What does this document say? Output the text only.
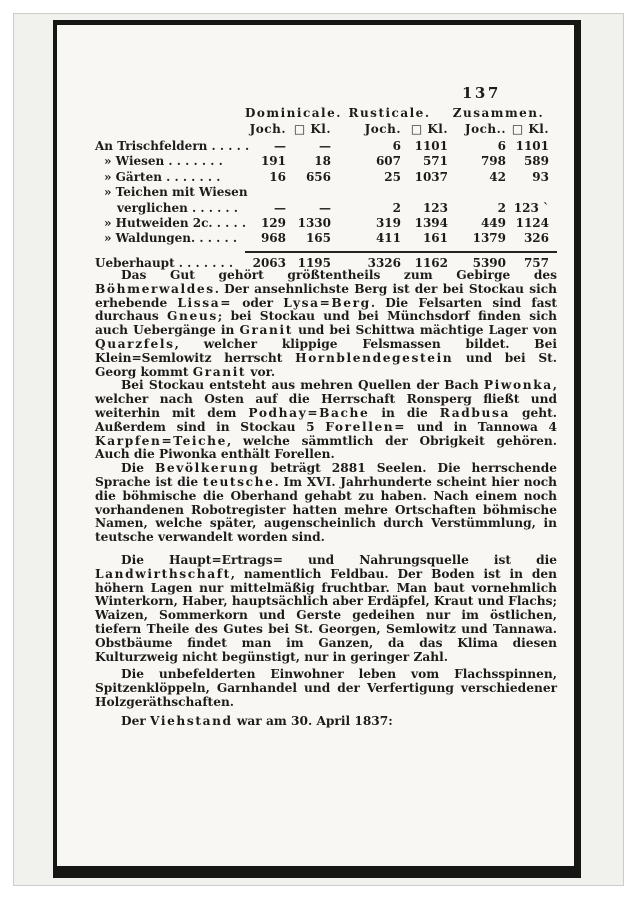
137
Dominicale. Rusticale.	Zusammen.
Joch. □ Kl.	Joch. □ Kl.	Joch.. □ Kl.
An Trischfeldern . . . . .	—	—	6	1101	6 1101
» Wiesen . . . . . . .	191	18	607	571	798	589
» Gärten . . . . . . .	16	656	25	1037	42	93
» Teichen mit Wiesen
verglichen . . . . . .	—	—	2	123	2 123 `
» Hutweiden 2c. . . . .	129 1330	319	1394	449 1124
» Waldungen. . . . . .	968	165	411	161	1379	326
Ueberhaupt . . . . . . .	2063 1195	3326	1162	5390	757

Das Gut gehört größtentheils zum Gebirge des Böhmerwaldes. Der ansehnlichste Berg ist der bei Stockau sich erhebende Lissa= oder Lysa=Berg. Die Felsarten sind fast durchaus Gneus; bei Stockau und bei Münchsdorf finden sich auch Uebergänge in Granit und bei Schittwa mächtige Lager von Quarzfels, welcher klippige Felsmassen bildet. Bei Klein=Semlowitz herrscht Hornblendegestein und bei St. Georg kommt Granit vor.

Bei Stockau entsteht aus mehren Quellen der Bach Piwonka, welcher nach Osten auf die Herrschaft Ronsperg fließt und weiterhin mit dem Podhay=Bache in die Radbusa geht. Außerdem sind in Stockau 5 Forellen= und in Tannowa 4 Karpfen=Teiche, welche sämmtlich der Obrigkeit gehören. Auch die Piwonka enthält Forellen.

Die Bevölkerung beträgt 2881 Seelen. Die herrschende Sprache ist die teutsche. Im XVI. Jahrhunderte scheint hier noch die böhmische die Oberhand gehabt zu haben. Nach einem noch vorhandenen Robotregister hatten mehre Ortschaften böhmische Namen, welche später, augenscheinlich durch Verstümmlung, in teutsche verwandelt worden sind.

Die Haupt=Ertrags= und Nahrungsquelle ist die Landwirthschaft, namentlich Feldbau. Der Boden ist in den höhern Lagen nur mittelmäßig fruchtbar. Man baut vornehmlich Winterkorn, Haber, hauptsächlich aber Erdäpfel, Kraut und Flachs; Waizen, Sommerkorn und Gerste gedeihen nur im östlichen, tiefern Theile des Gutes bei St. Georgen, Semlowitz und Tannawa. Obstbäume findet man im Ganzen, da das Klima diesen Kulturzweig nicht begünstigt, nur in geringer Zahl.

Die unbefelderten Einwohner leben vom Flachsspinnen, Spitzenklöppeln, Garnhandel und der Verfertigung verschiedener Holzgeräthschaften.

Der Viehstand war am 30. April 1837:
